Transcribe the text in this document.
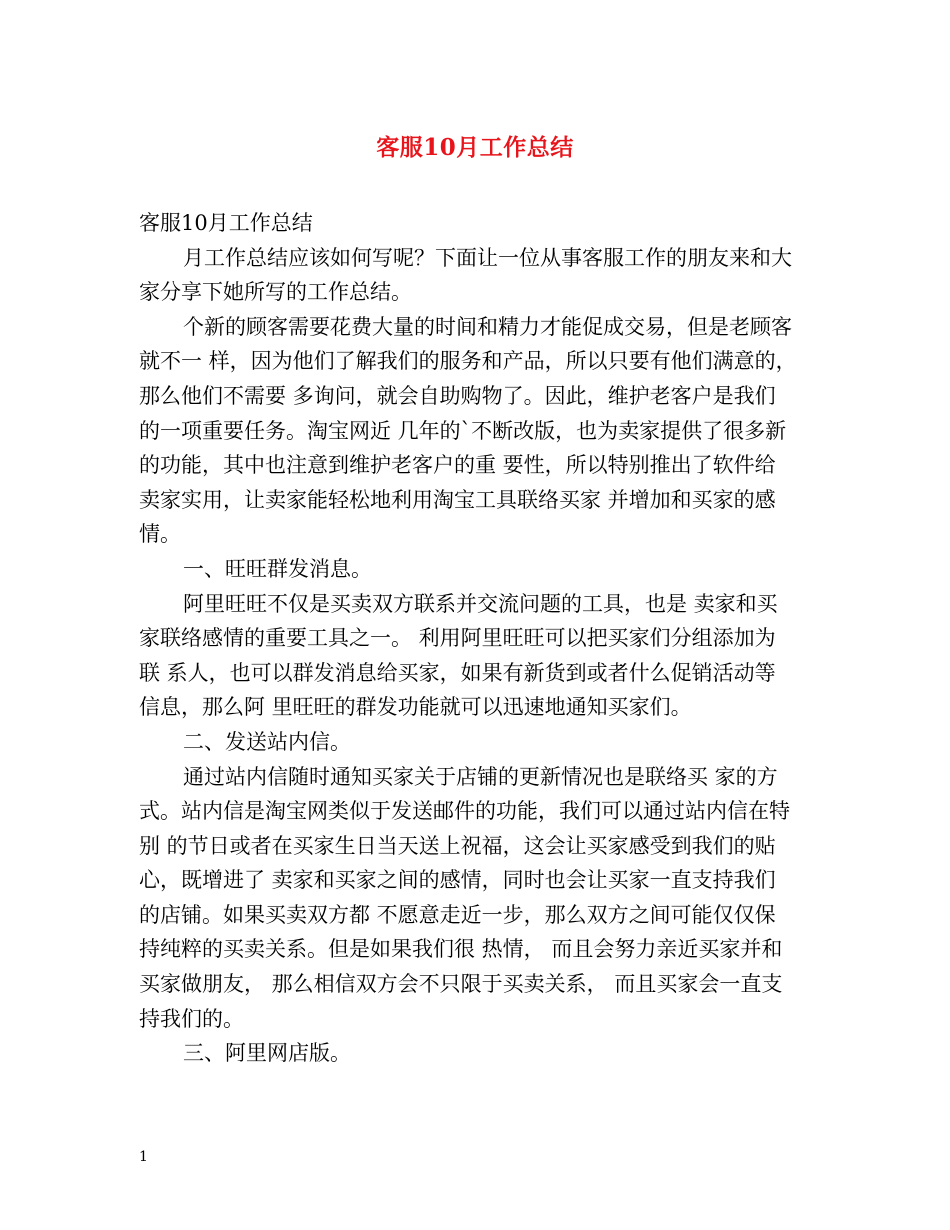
客服10月工作总结
客服10月工作总结
月工作总结应该如何写呢？下面让一位从事客服工作的朋友来和大
家分享下她所写的工作总结。
个新的顾客需要花费大量的时间和精力才能促成交易，但是老顾客
就不一 样，因为他们了解我们的服务和产品，所以只要有他们满意的，
那么他们不需要 多询问，就会自助购物了。因此，维护老客户是我们
的一项重要任务。淘宝网近 几年的`不断改版，也为卖家提供了很多新
的功能，其中也注意到维护老客户的重 要性，所以特别推出了软件给
卖家实用，让卖家能轻松地利用淘宝工具联络买家 并增加和买家的感
情。
一、旺旺群发消息。
阿里旺旺不仅是买卖双方联系并交流问题的工具，也是 卖家和买
家联络感情的重要工具之一。 利用阿里旺旺可以把买家们分组添加为
联 系人，也可以群发消息给买家，如果有新货到或者什么促销活动等
信息，那么阿 里旺旺的群发功能就可以迅速地通知买家们。
二、发送站内信。
通过站内信随时通知买家关于店铺的更新情况也是联络买 家的方
式。站内信是淘宝网类似于发送邮件的功能，我们可以通过站内信在特
别 的节日或者在买家生日当天送上祝福，这会让买家感受到我们的贴
心，既增进了 卖家和买家之间的感情，同时也会让买家一直支持我们
的店铺。如果买卖双方都 不愿意走近一步，那么双方之间可能仅仅保
持纯粹的买卖关系。但是如果我们很 热情， 而且会努力亲近买家并和
买家做朋友， 那么相信双方会不只限于买卖关系， 而且买家会一直支
持我们的。
三、阿里网店版。
1
